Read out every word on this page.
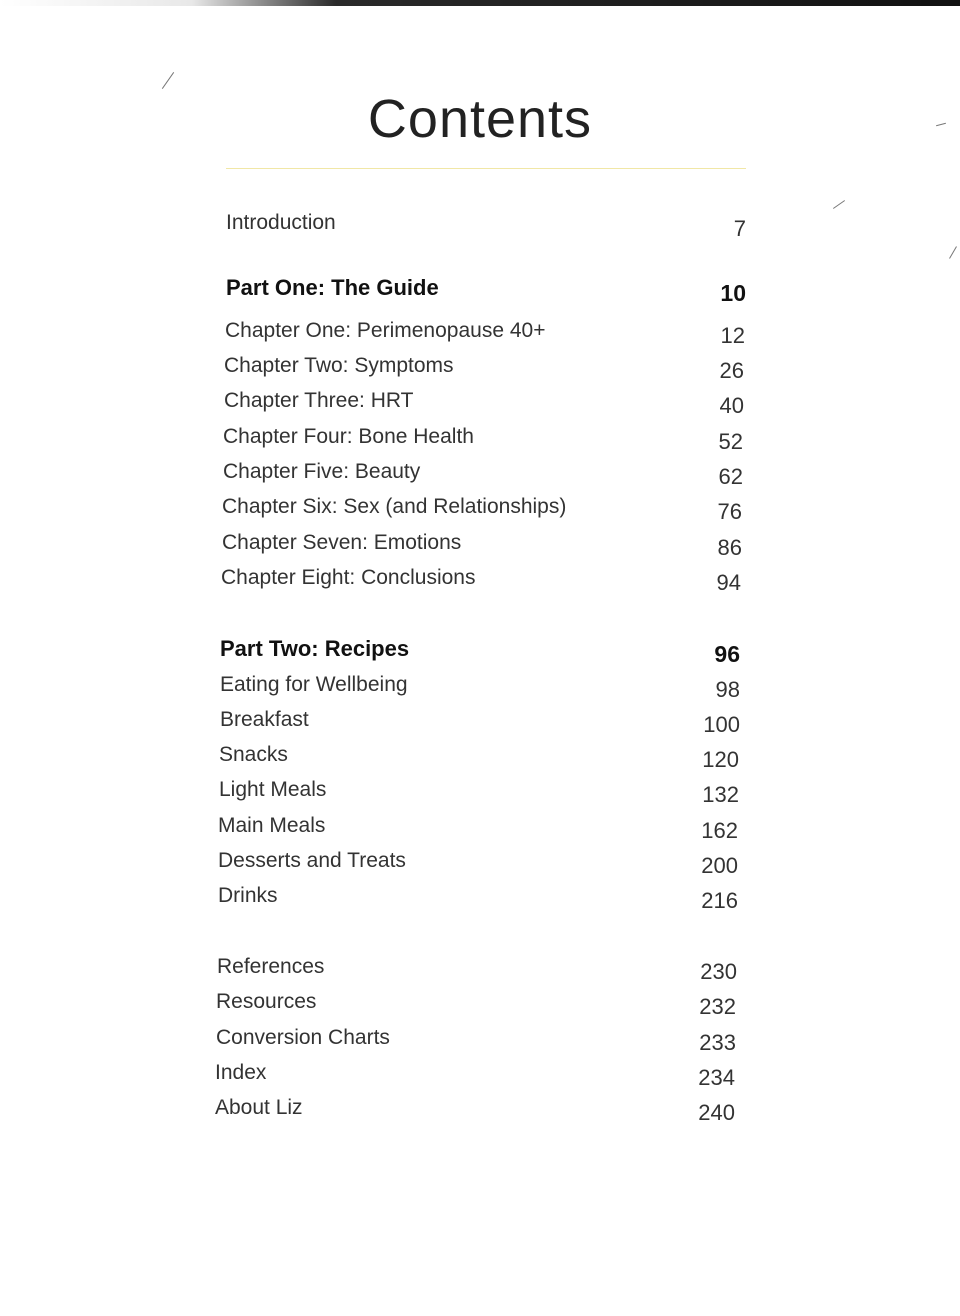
Contents
Introduction	7
Part One: The Guide	10
Chapter One: Perimenopause 40+	12
Chapter Two: Symptoms	26
Chapter Three: HRT	40
Chapter Four: Bone Health	52
Chapter Five: Beauty	62
Chapter Six: Sex (and Relationships)	76
Chapter Seven: Emotions	86
Chapter Eight: Conclusions	94
Part Two: Recipes	96
Eating for Wellbeing	98
Breakfast	100
Snacks	120
Light Meals	132
Main Meals	162
Desserts and Treats	200
Drinks	216
References	230
Resources	232
Conversion Charts	233
Index	234
About Liz	240
